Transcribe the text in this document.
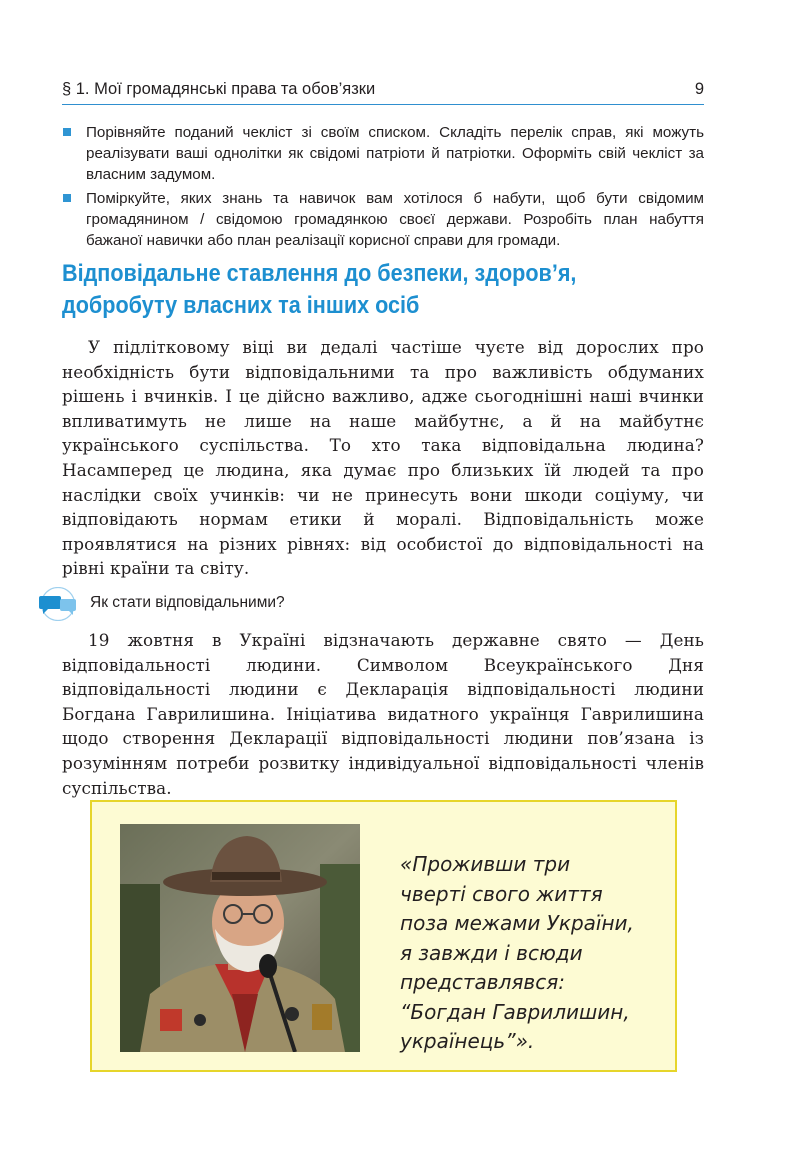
§ 1. Мої громадянські права та обов’язки	9
Порівняйте поданий чекліст зі своїм списком. Складіть перелік справ, які можуть реалізувати ваші однолітки як свідомі патріоти й патріотки. Оформіть свій чекліст за власним задумом.
Поміркуйте, яких знань та навичок вам хотілося б набути, щоб бути свідомим громадянином / свідомою громадянкою своєї держави. Розробіть план набуття бажаної навички або план реалізації корисної справи для громади.
Відповідальне ставлення до безпеки, здоров’я,
добробуту власних та інших осіб
У підлітковому віці ви дедалі частіше чуєте від дорослих про необхідність бути відповідальними та про важливість обдуманих рішень і вчинків. І це дійсно важливо, адже сьогоднішні наші вчинки впливатимуть не лише на наше майбутнє, а й на майбутнє українського суспільства. То хто така відповідальна людина? Насамперед це людина, яка думає про близьких їй людей та про наслідки своїх учинків: чи не принесуть вони шкоди соціуму, чи відповідають нормам етики й моралі. Відповідальність може проявлятися на різних рівнях: від особистої до відповідальності на рівні країни та світу.
Як стати відповідальними?
19 жовтня в Україні відзначають державне свято — День відповідальності людини. Символом Всеукраїнського Дня відповідальності людини є Декларація відповідальності людини Богдана Гаврилишина. Ініціатива видатного українця Гаврилишина щодо створення Декларації відповідальності людини пов’язана із розумінням потреби розвитку індивідуальної відповідальності членів суспільства.
«Проживши три
чверті свого життя
поза межами України,
я завжди і всюди
представлявся:
“Богдан Гаврилишин,
українець”».
